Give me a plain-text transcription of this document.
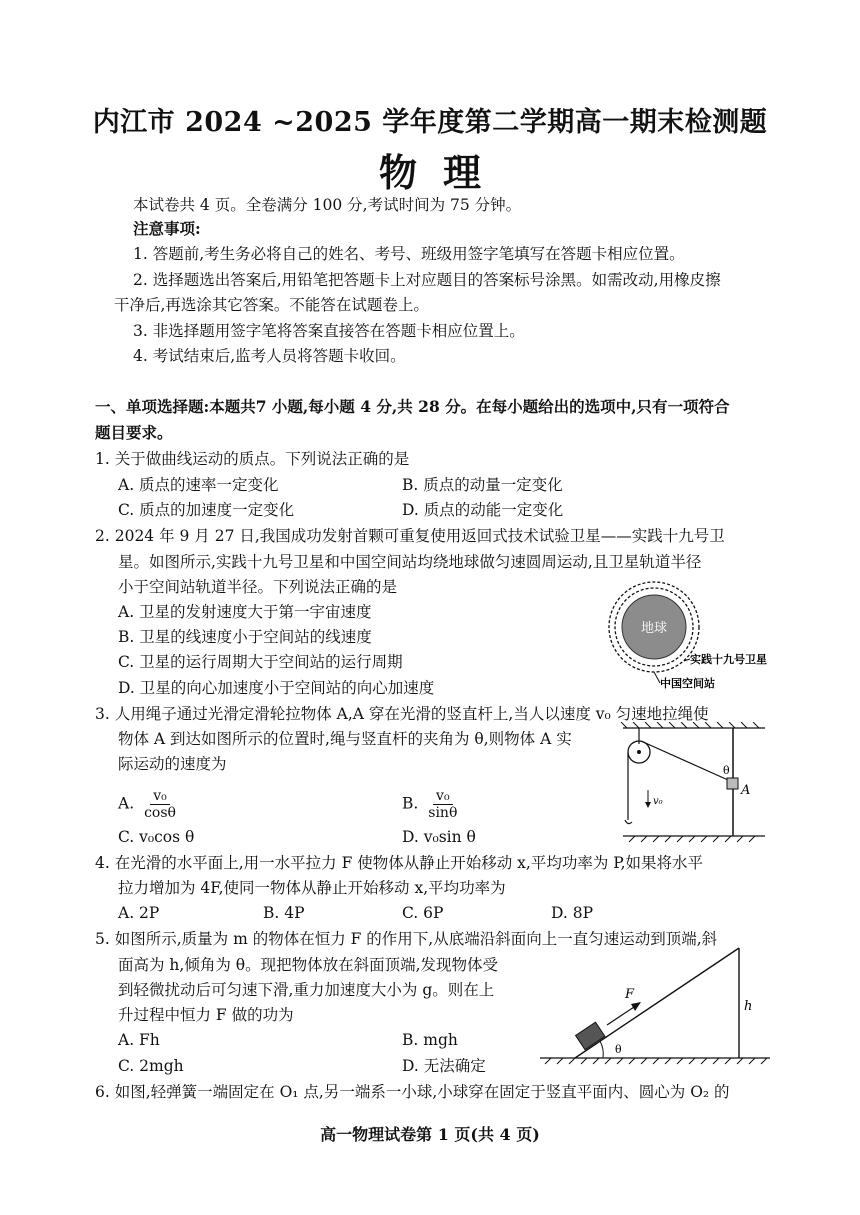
内江市 2024 ~2025 学年度第二学期高一期末检测题
物理
本试卷共 4 页。全卷满分 100 分,考试时间为 75 分钟。
注意事项:
1. 答题前,考生务必将自己的姓名、考号、班级用签字笔填写在答题卡相应位置。
2. 选择题选出答案后,用铅笔把答题卡上对应题目的答案标号涂黑。如需改动,用橡皮擦
干净后,再选涂其它答案。不能答在试题卷上。
3. 非选择题用签字笔将答案直接答在答题卡相应位置上。
4. 考试结束后,监考人员将答题卡收回。
一、单项选择题:本题共7 小题,每小题 4 分,共 28 分。在每小题给出的选项中,只有一项符合
题目要求。
1. 关于做曲线运动的质点。下列说法正确的是
A. 质点的速率一定变化	B. 质点的动量一定变化
C. 质点的加速度一定变化	D. 质点的动能一定变化
2. 2024 年 9 月 27 日,我国成功发射首颗可重复使用返回式技术试验卫星——实践十九号卫
星。如图所示,实践十九号卫星和中国空间站均绕地球做匀速圆周运动,且卫星轨道半径
小于空间站轨道半径。下列说法正确的是
A. 卫星的发射速度大于第一宇宙速度
B. 卫星的线速度小于空间站的线速度
C. 卫星的运行周期大于空间站的运行周期
D. 卫星的向心加速度小于空间站的向心加速度
地球
实践十九号卫星
中国空间站
3. 人用绳子通过光滑定滑轮拉物体 A,A 穿在光滑的竖直杆上,当人以速度 v₀ 匀速地拉绳使
物体 A 到达如图所示的位置时,绳与竖直杆的夹角为 θ,则物体 A 实
际运动的速度为
A. $\frac{\text{v₀}}{\cos\theta}$	B. $\frac{\text{v₀}}{\sin\theta}$
C. v₀cos θ	D. v₀sin θ
A
θ
v₀
4. 在光滑的水平面上,用一水平拉力 F 使物体从静止开始移动 x,平均功率为 P,如果将水平
拉力增加为 4F,使同一物体从静止开始移动 x,平均功率为
A. 2P	B. 4P	C. 6P	D. 8P
5. 如图所示,质量为 m 的物体在恒力 F 的作用下,从底端沿斜面向上一直匀速运动到顶端,斜
面高为 h,倾角为 θ。现把物体放在斜面顶端,发现物体受
到轻微扰动后可匀速下滑,重力加速度大小为 g。则在上
升过程中恒力 F 做的功为
A. Fh	B. mgh
C. 2mgh	D. 无法确定
h
θ
F
6. 如图,轻弹簧一端固定在 O₁ 点,另一端系一小球,小球穿在固定于竖直平面内、圆心为 O₂ 的
高一物理试卷第 1 页(共 4 页)
